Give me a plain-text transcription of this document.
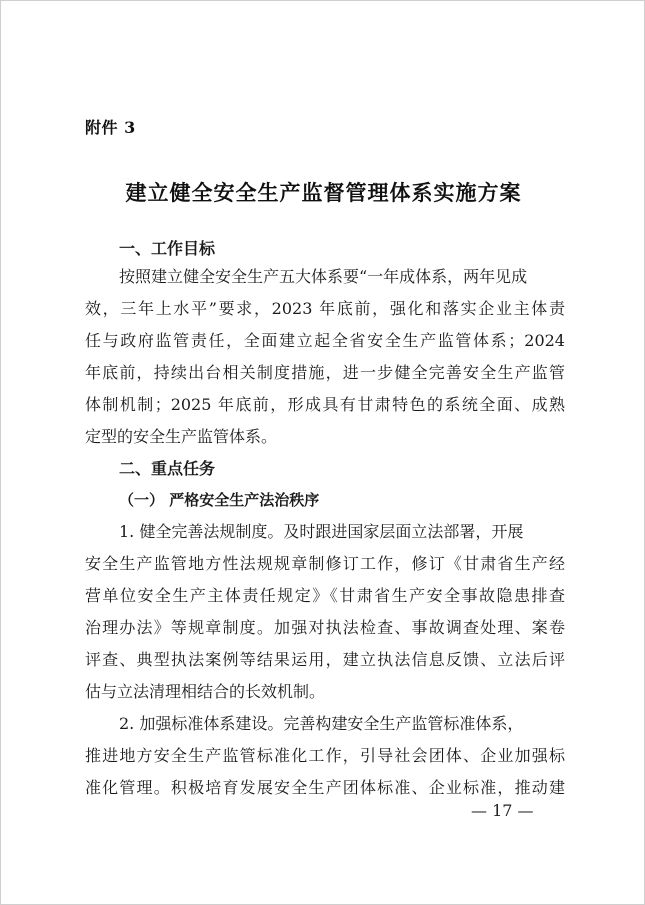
附件 3
建立健全安全生产监督管理体系实施方案
一、工作目标
按照建立健全安全生产五大体系要“一年成体系，两年见成
效，三年上水平”要求，2023 年底前，强化和落实企业主体责
任与政府监管责任，全面建立起全省安全生产监管体系；2024
年底前，持续出台相关制度措施，进一步健全完善安全生产监管
体制机制；2025 年底前，形成具有甘肃特色的系统全面、成熟
定型的安全生产监管体系。
二、重点任务
（一） 严格安全生产法治秩序
1. 健全完善法规制度。及时跟进国家层面立法部署，开展
安全生产监管地方性法规规章制修订工作，修订《甘肃省生产经
营单位安全生产主体责任规定》《甘肃省生产安全事故隐患排查
治理办法》等规章制度。加强对执法检查、事故调查处理、案卷
评查、典型执法案例等结果运用，建立执法信息反馈、立法后评
估与立法清理相结合的长效机制。
2. 加强标准体系建设。完善构建安全生产监管标准体系，
推进地方安全生产监管标准化工作，引导社会团体、企业加强标
准化管理。积极培育发展安全生产团体标准、企业标准，推动建
— 17 —
